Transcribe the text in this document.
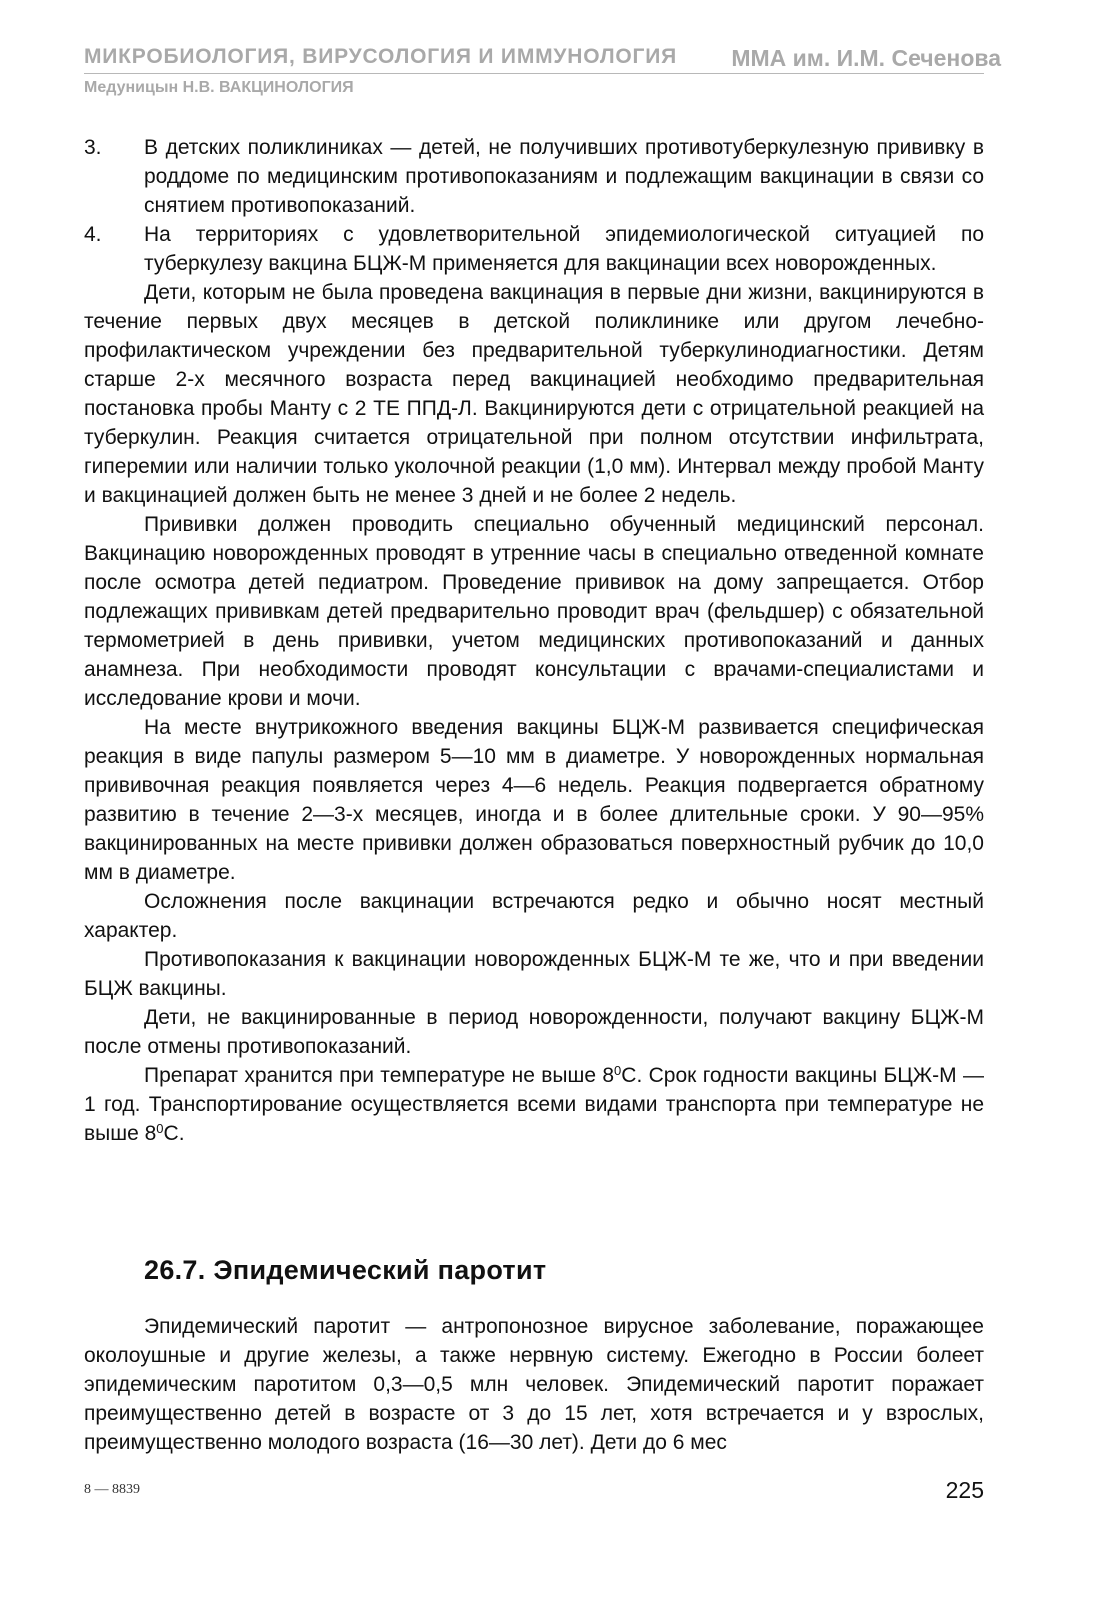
МИКРОБИОЛОГИЯ, ВИРУСОЛОГИЯ И ИММУНОЛОГИЯ ММА им. И.М. Сеченова
Медуницын Н.В. ВАКЦИНОЛОГИЯ
3.	В детских поликлиниках — детей, не получивших противотуберкулезную прививку в роддоме по медицинским противопоказаниям и подлежащим вакцинации в связи со снятием противопоказаний.
4.	На территориях с удовлетворительной эпидемиологической ситуацией по туберкулезу вакцина БЦЖ-М применяется для вакцинации всех новорожденных.
Дети, которым не была проведена вакцинация в первые дни жизни, вакцинируются в течение первых двух месяцев в детской поликлинике или другом лечебно-профилактическом учреждении без предварительной туберкулинодиагностики. Детям старше 2-х месячного возраста перед вакцинацией необходимо предварительная постановка пробы Манту с 2 ТЕ ППД-Л. Вакцинируются дети с отрицательной реакцией на туберкулин. Реакция считается отрицательной при полном отсутствии инфильтрата, гиперемии или наличии только уколочной реакции (1,0 мм). Интервал между пробой Манту и вакцинацией должен быть не менее 3 дней и не более 2 недель.
Прививки должен проводить специально обученный медицинский персонал. Вакцинацию новорожденных проводят в утренние часы в специально отведенной комнате после осмотра детей педиатром. Проведение прививок на дому запрещается. Отбор подлежащих прививкам детей предварительно проводит врач (фельдшер) с обязательной термометрией в день прививки, учетом медицинских противопоказаний и данных анамнеза. При необходимости проводят консультации с врачами-специалистами и исследование крови и мочи.
На месте внутрикожного введения вакцины БЦЖ-М развивается специфическая реакция в виде папулы размером 5—10 мм в диаметре. У новорожденных нормальная прививочная реакция появляется через 4—6 недель. Реакция подвергается обратному развитию в течение 2—3-х месяцев, иногда и в более длительные сроки. У 90—95% вакцинированных на месте прививки должен образоваться поверхностный рубчик до 10,0 мм в диаметре.
Осложнения после вакцинации встречаются редко и обычно носят местный характер.
Противопоказания к вакцинации новорожденных БЦЖ-М те же, что и при введении БЦЖ вакцины.
Дети, не вакцинированные в период новорожденности, получают вакцину БЦЖ-М после отмены противопоказаний.
Препарат хранится при температуре не выше $8^0С$. Срок годности вакцины БЦЖ-М — 1 год. Транспортирование осуществляется всеми видами транспорта при температуре не выше $8^0С$.
26.7. Эпидемический паротит
Эпидемический паротит — антропонозное вирусное заболевание, поражающее околоушные и другие железы, а также нервную систему. Ежегодно в России болеет эпидемическим паротитом 0,3—0,5 млн человек. Эпидемический паротит поражает преимущественно детей в возрасте от 3 до 15 лет, хотя встречается и у взрослых, преимущественно молодого возраста (16—30 лет). Дети до 6 мес
8 — 8839	225
